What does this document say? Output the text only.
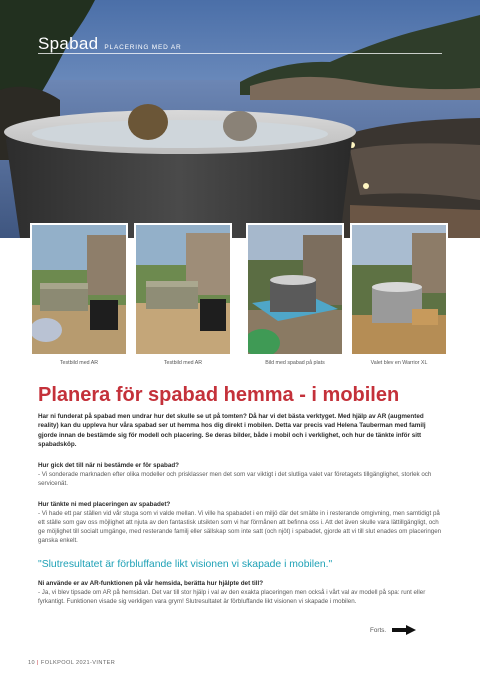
Spabad PLACERING MED AR
Testbild med AR	Testbild med AR	Bild med spabad på plats	Valet blev en Warrior XL
Planera för spabad hemma - i mobilen

Har ni funderat på spabad men undrar hur det skulle se ut på tomten? Då har vi det bästa verktyget. Med hjälp av AR (augmented reality) kan du uppleva hur våra spabad ser ut hemma hos dig direkt i mobilen. Detta var precis vad Helena Tauberman med familj gjorde innan de bestämde sig för modell och placering. Se deras bilder, både i mobil och i verklighet, och hur de tänkte inför sitt spabadsköp.

Hur gick det till när ni bestämde er för spabad?

- Vi sonderade marknaden efter olika modeller och prisklasser men det som var viktigt i det slutliga valet var företagets tillgänglighet, storlek och servicenät.

Hur tänkte ni med placeringen av spabadet?

- Vi hade ett par ställen vid vår stuga som vi valde mellan. Vi ville ha spabadet i en miljö där det smälte in i resterande omgivning, men samtidigt på ett ställe som gav oss möjlighet att njuta av den fantastisk utsikten som vi har förmånen att befinna oss i. Att det även skulle vara lättillgängligt, och ge möjlighet till socialt umgänge, med resterande familj eller sällskap som inte satt (och njöt) i spabadet, gjorde att vi till slut enades om placeringen ganska enkelt.

"Slutresultatet är förbluffande likt visionen vi skapade i mobilen."

Ni använde er av AR-funktionen på vår hemsida, berätta hur hjälpte det till?

- Ja, vi blev tipsade om AR på hemsidan. Det var till stor hjälp i val av den exakta placeringen men också i vårt val av modell på spa: runt eller fyrkantigt. Funktionen visade sig verkligen vara grym! Slutresultatet är förbluffande likt visionen vi skapade i mobilen.

Forts.
10 | FOLKPOOL 2021-VINTER
